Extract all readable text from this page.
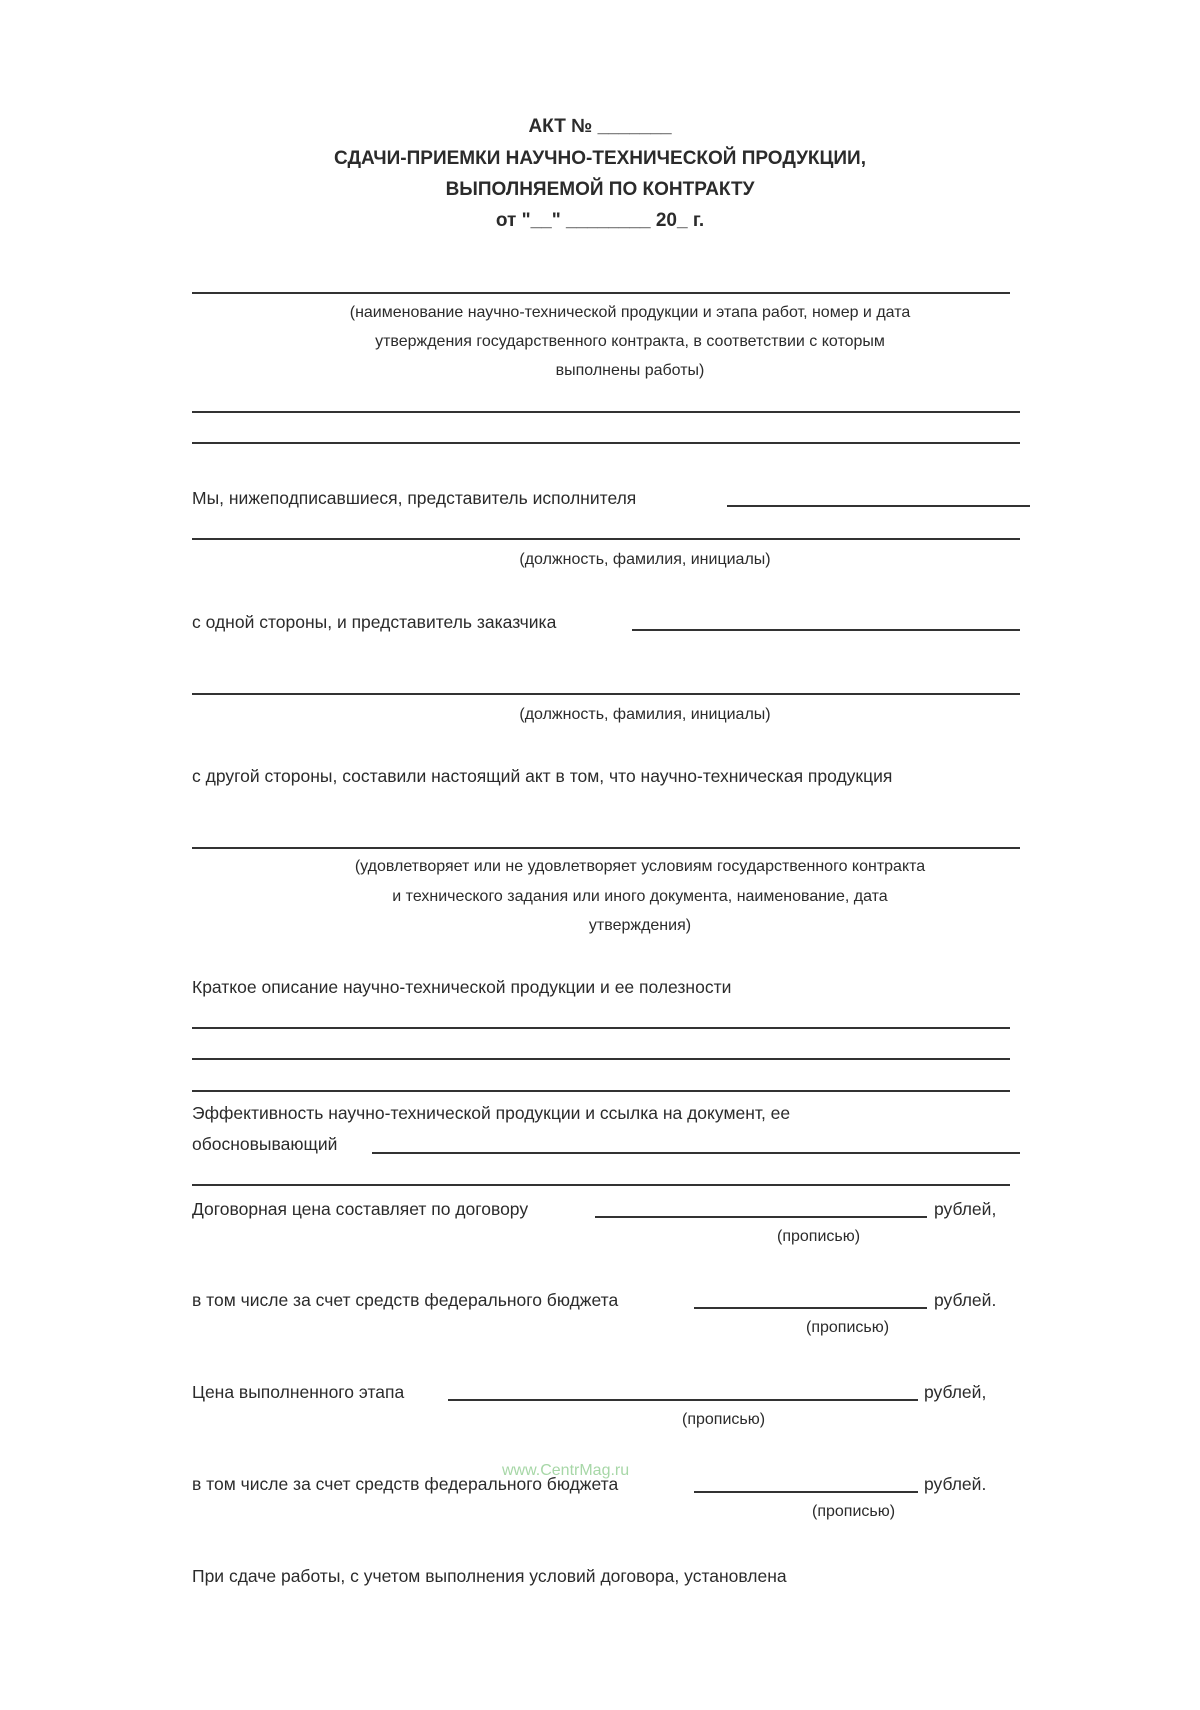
АКТ № _______
СДАЧИ-ПРИЕМКИ НАУЧНО-ТЕХНИЧЕСКОЙ ПРОДУКЦИИ,
ВЫПОЛНЯЕМОЙ ПО КОНТРАКТУ
от "__" ________ 20_ г.
(наименование научно-технической продукции и этапа работ, номер и дата
утверждения государственного контракта, в соответствии с которым
выполнены работы)
Мы, нижеподписавшиеся, представитель исполнителя
(должность, фамилия, инициалы)
с одной стороны, и представитель заказчика
(должность, фамилия, инициалы)
с другой стороны, составили настоящий акт в том, что научно-техническая продукция
(удовлетворяет или не удовлетворяет условиям государственного контракта
и технического задания или иного документа, наименование, дата
утверждения)
Краткое описание научно-технической продукции и ее полезности
Эффективность научно-технической продукции и ссылка на документ, ее
обосновывающий
Договорная цена составляет по договору	рублей,
(прописью)
в том числе за счет средств федерального бюджета	рублей.
(прописью)
Цена выполненного этапа	рублей,
(прописью)
в том числе за счет средств федерального бюджета	рублей.
(прописью)
www.CentrMag.ru
При сдаче работы, с учетом выполнения условий договора, установлена
